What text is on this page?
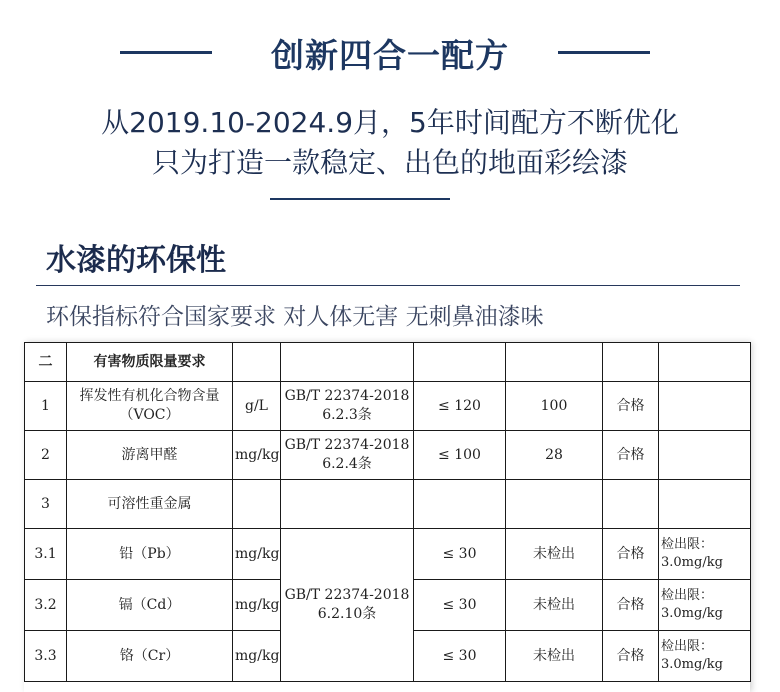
创新四合一配方
从2019.10-2024.9月，5年时间配方不断优化
只为打造一款稳定、出色的地面彩绘漆
水漆的环保性
环保指标符合国家要求 对人体无害 无刺鼻油漆味
二	有害物质限量要求						
1	挥发性有机化合物含量（VOC）	g/L	GB/T 22374-2018 6.2.3条	≤ 120	100	合格	
2	游离甲醛	mg/kg	GB/T 22374-2018 6.2.4条	≤ 100	28	合格	
3	可溶性重金属						
3.1	铅（Pb）	mg/kg	GB/T 22374-2018 6.2.10条	≤ 30	未检出	合格	检出限：3.0mg/kg
3.2	镉（Cd）	mg/kg		≤ 30	未检出	合格	检出限：3.0mg/kg
3.3	铬（Cr）	mg/kg		≤ 30	未检出	合格	检出限：3.0mg/kg
